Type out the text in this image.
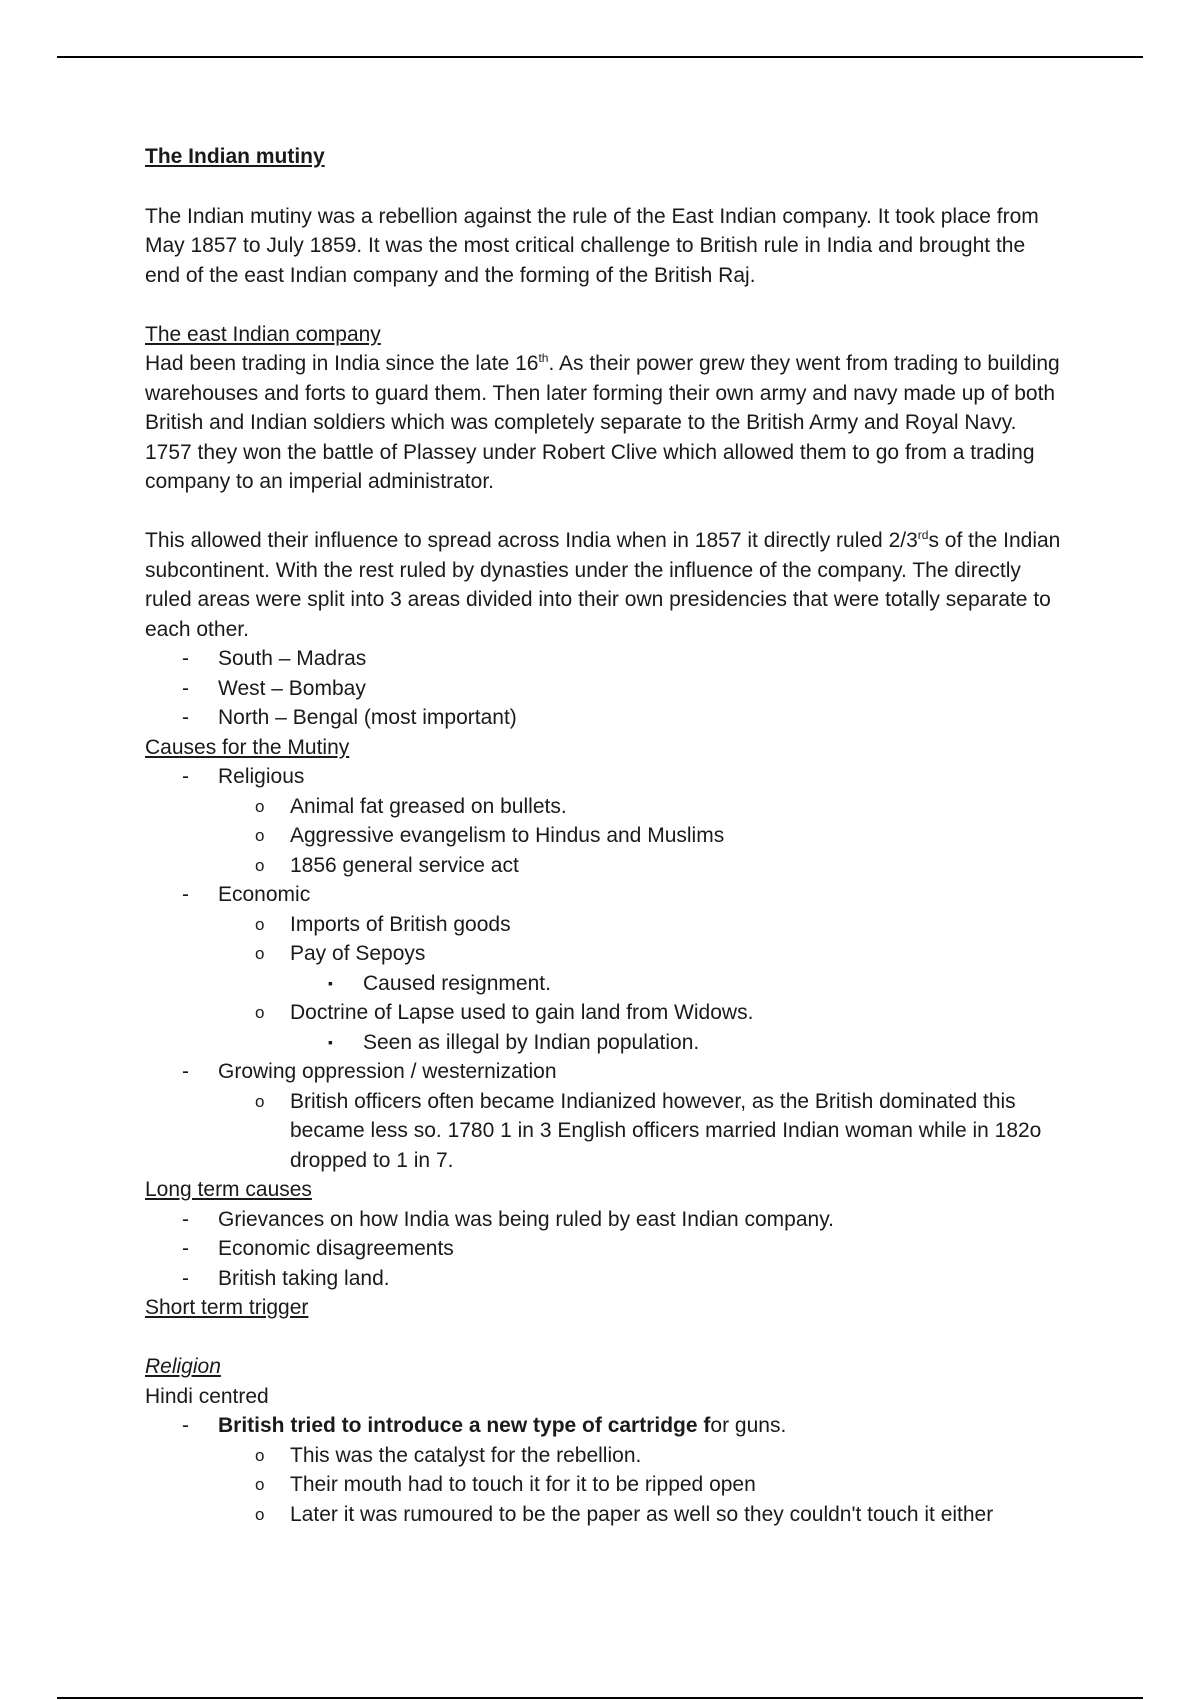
The Indian mutiny

The Indian mutiny was a rebellion against the rule of the East Indian company. It took place from May 1857 to July 1859. It was the most critical challenge to British rule in India and brought the end of the east Indian company and the forming of the British Raj.

The east Indian company

Had been trading in India since the late 16th. As their power grew they went from trading to building warehouses and forts to guard them. Then later forming their own army and navy made up of both British and Indian soldiers which was completely separate to the British Army and Royal Navy. 1757 they won the battle of Plassey under Robert Clive which allowed them to go from a trading company to an imperial administrator.

This allowed their influence to spread across India when in 1857 it directly ruled 2/3rds of the Indian subcontinent. With the rest ruled by dynasties under the influence of the company. The directly ruled areas were split into 3 areas divided into their own presidencies that were totally separate to each other.

- South – Madras
- West – Bombay
- North – Bengal (most important)

Causes for the Mutiny

- Religious
o Animal fat greased on bullets.
o Aggressive evangelism to Hindus and Muslims
o 1856 general service act
- Economic
o Imports of British goods
o Pay of Sepoys
▪ Caused resignment.
o Doctrine of Lapse used to gain land from Widows.
▪ Seen as illegal by Indian population.
- Growing oppression / westernization
o British officers often became Indianized however, as the British dominated this became less so. 1780 1 in 3 English officers married Indian woman while in 182o dropped to 1 in 7.

Long term causes

- Grievances on how India was being ruled by east Indian company.
- Economic disagreements
- British taking land.

Short term trigger

Religion

Hindi centred

- British tried to introduce a new type of cartridge for guns.
o This was the catalyst for the rebellion.
o Their mouth had to touch it for it to be ripped open
o Later it was rumoured to be the paper as well so they couldn't touch it either
